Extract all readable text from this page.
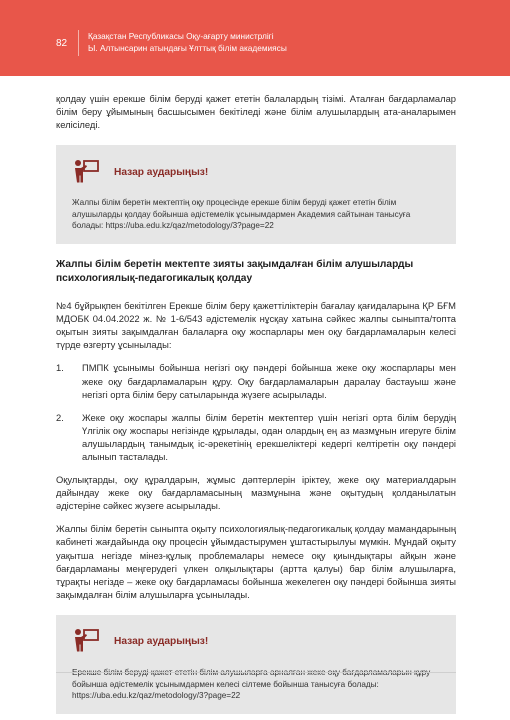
82
Қазақстан Республикасы Оқу-ағарту министрлігі
Ы. Алтынсарин атындағы Ұлттық білім академиясы

қолдау үшін ерекше білім беруді қажет ететін балалардың тізімі. Аталған бағдарламалар білім беру ұйымының басшысымен бекітіледі және білім алушылардың ата-аналарымен келісіледі.

Назар аударыңыз!

Жалпы білім беретін мектептің оқу процесінде ерекше білім беруді қажет ететін білім алушыларды қолдау бойынша әдістемелік ұсынымдармен Академия сайтынан танысуға болады: https://uba.edu.kz/qaz/metodology/3?page=22

Жалпы білім беретін мектепте зияты зақымдалған білім алушыларды психологиялық-педагогикалық қолдау

№4 бұйрықпен бекітілген Ерекше білім беру қажеттіліктерін бағалау қағидаларына ҚР БҒМ МДОБК 04.04.2022 ж. № 1-6/543 әдістемелік нұсқау хатына сәйкес жалпы сыныпта/топта оқытын зияты зақымдалған балаларға оқу жоспарлары мен оқу бағдарламаларын келесі түрде өзгерту ұсынылады:

1.	ПМПК ұсынымы бойынша негізгі оқу пәндері бойынша жеке оқу жоспарлары мен жеке оқу бағдарламаларын құру. Оқу бағдарламаларын даралау бастауыш және негізгі орта білім беру сатыларында жүзеге асырылады.
2.	Жеке оқу жоспары жалпы білім беретін мектептер үшін негізгі орта білім берудің Үлгілік оқу жоспары негізінде құрылады, одан олардың ең аз мазмұнын игеруге білім алушылардың танымдық іс-әрекетінің ерекшеліктері кедергі келтіретін оқу пәндері алынып тасталады.

Оқулықтарды, оқу құралдарын, жұмыс дәптерлерін іріктеу, жеке оқу материалдарын дайындау жеке оқу бағдарламасының мазмұнына және оқытудың қолданылатын әдістеріне сәйкес жүзеге асырылады.

Жалпы білім беретін сыныпта оқыту психологиялық-педагогикалық қолдау мамандарының кабинеті жағдайында оқу процесін ұйымдастырумен ұштастырылуы мүмкін. Мұндай оқыту уақытша негізде мінез-құлық проблемалары немесе оқу қиындықтары айқын және бағдарламаны меңгерудегі үлкен олқылықтары (артта қалуы) бар білім алушыларға, тұрақты негізде – жеке оқу бағдарламасы бойынша жекелеген оқу пәндері бойынша зияты зақымдалған білім алушыларға ұсынылады.

Назар аударыңыз!

бойынша әдістемелік ұсынымдармен келесі сілтеме бойынша танысуға болады: https://uba.edu.kz/qaz/metodology/3?page=22
